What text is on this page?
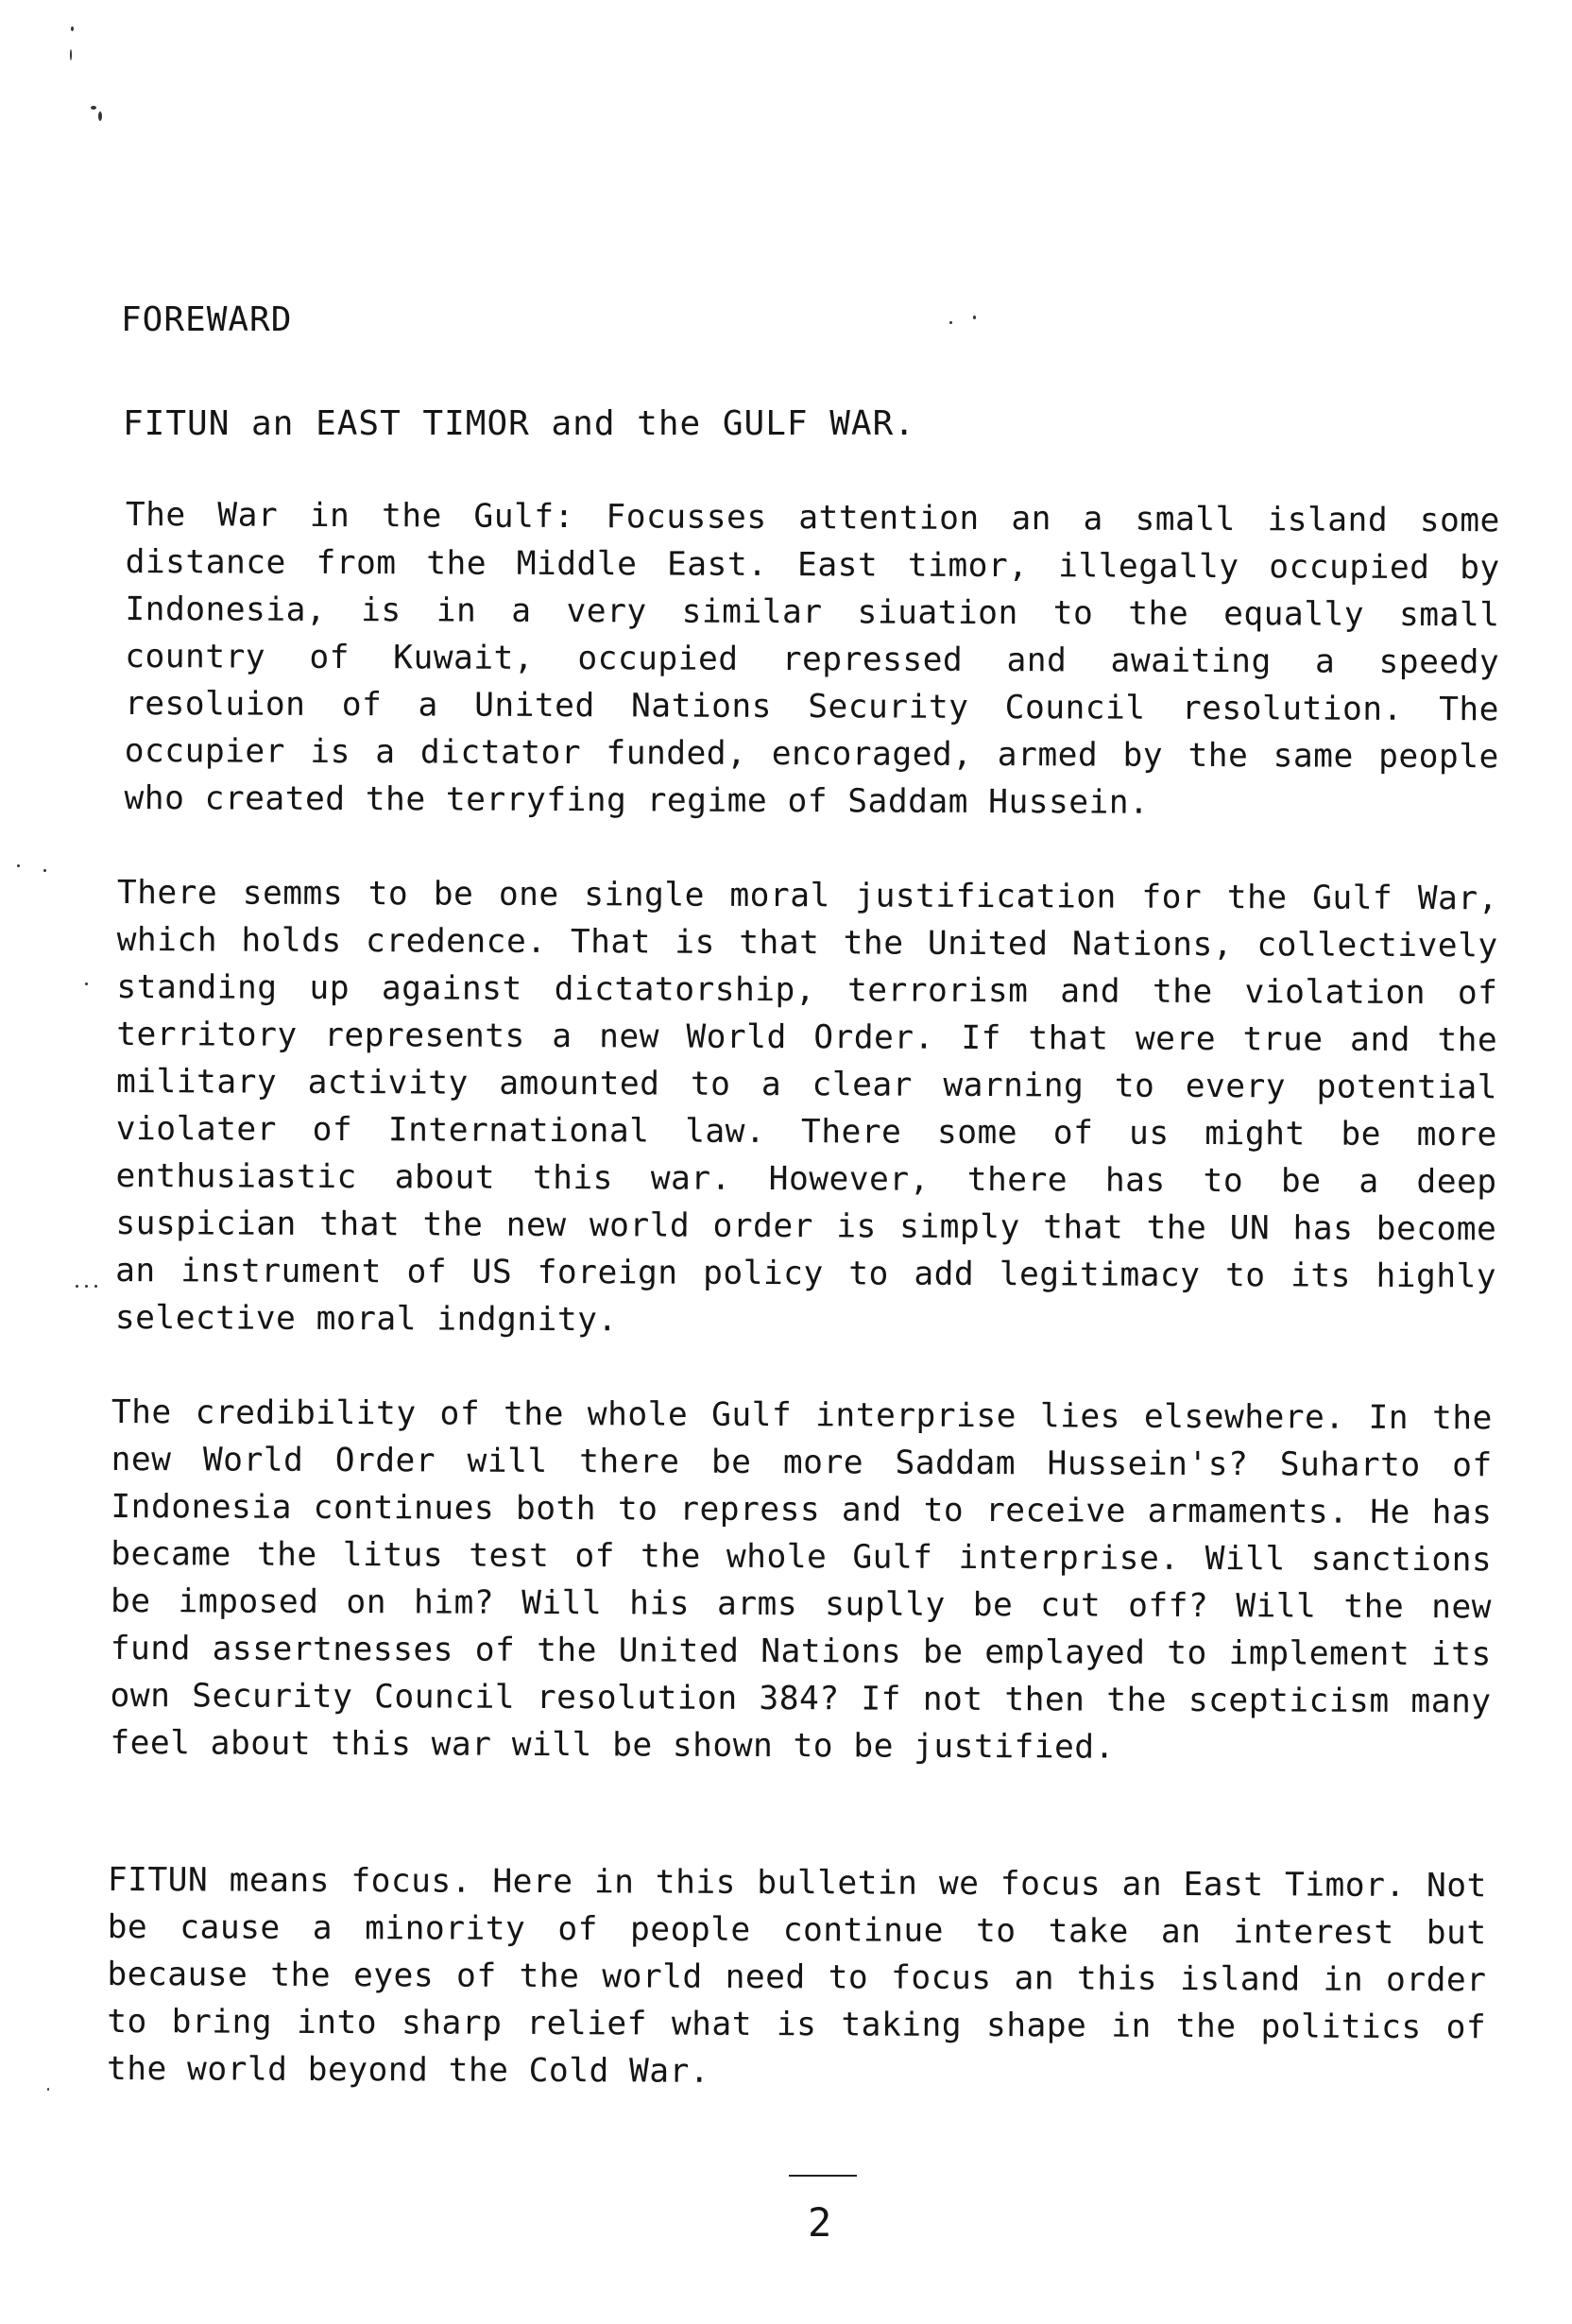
FOREWARD
FITUN an EAST TIMOR and the GULF WAR.
The War in the Gulf: Focusses attention an a small island some distance from the Middle East. East timor, illegally occupied by Indonesia, is in a very similar siuation to the equally small country of Kuwait, occupied repressed and awaiting a speedy resoluion of a United Nations Security Council resolution. The occupier is a dictator funded, encoraged, armed by the same people who created the terryfing regime of Saddam Hussein.
There semms to be one single moral justification for the Gulf War, which holds credence. That is that the United Nations, collectively standing up against dictatorship, terrorism and the violation of territory represents a new World Order. If that were true and the military activity amounted to a clear warning to every potential violater of International law. There some of us might be more enthusiastic about this war. However, there has to be a deep suspician that the new world order is simply that the UN has become an instrument of US foreign policy to add legitimacy to its highly selective moral indgnity.
The credibility of the whole Gulf interprise lies elsewhere. In the new World Order will there be more Saddam Hussein's? Suharto of Indonesia continues both to repress and to receive armaments. He has became the litus test of the whole Gulf interprise. Will sanctions be imposed on him? Will his arms suplly be cut off? Will the new fund assertnesses of the United Nations be emplayed to implement its own Security Council resolution 384? If not then the scepticism many feel about this war will be shown to be justified.
FITUN means focus. Here in this bulletin we focus an East Timor. Not be cause a minority of people continue to take an interest but because the eyes of the world need to focus an this island in order to bring into sharp relief what is taking shape in the politics of the world beyond the Cold War.
2
